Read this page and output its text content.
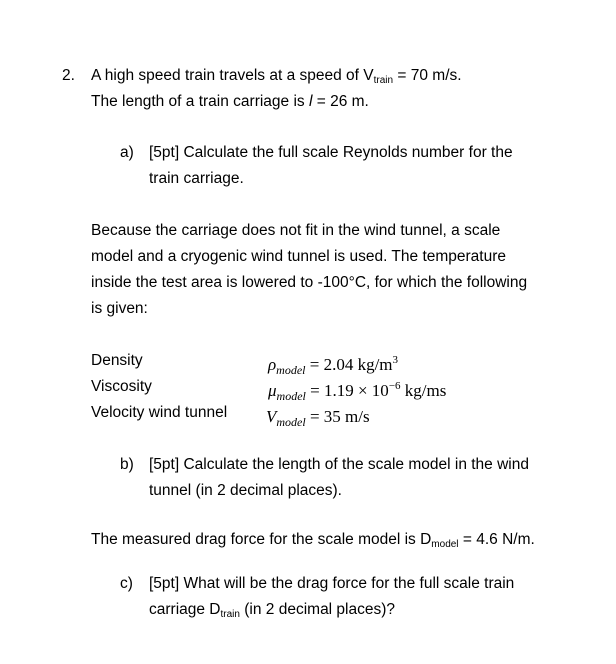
2. A high speed train travels at a speed of $V_{train} = 70$ m/s.
The length of a train carriage is l = 26 m.
a) [5pt] Calculate the full scale Reynolds number for the
train carriage.
Because the carriage does not fit in the wind tunnel, a scale
model and a cryogenic wind tunnel is used. The temperature
inside the test area is lowered to -100°C, for which the following
is given:
Density	$\rho_{model} = 2.04$ $kg/m^3$
Viscosity	$\mu_{model} = 1.19 \times 10^{-6}$ kg/ms
Velocity wind tunnel $V_{model} = 35$ m/s
b) [5pt] Calculate the length of the scale model in the wind
tunnel (in 2 decimal places).
The measured drag force for the scale model is $D_{model} = 4.6$ N/m.
c) [5pt] What will be the drag force for the full scale train
carriage $D_{train}$ (in 2 decimal places)?
